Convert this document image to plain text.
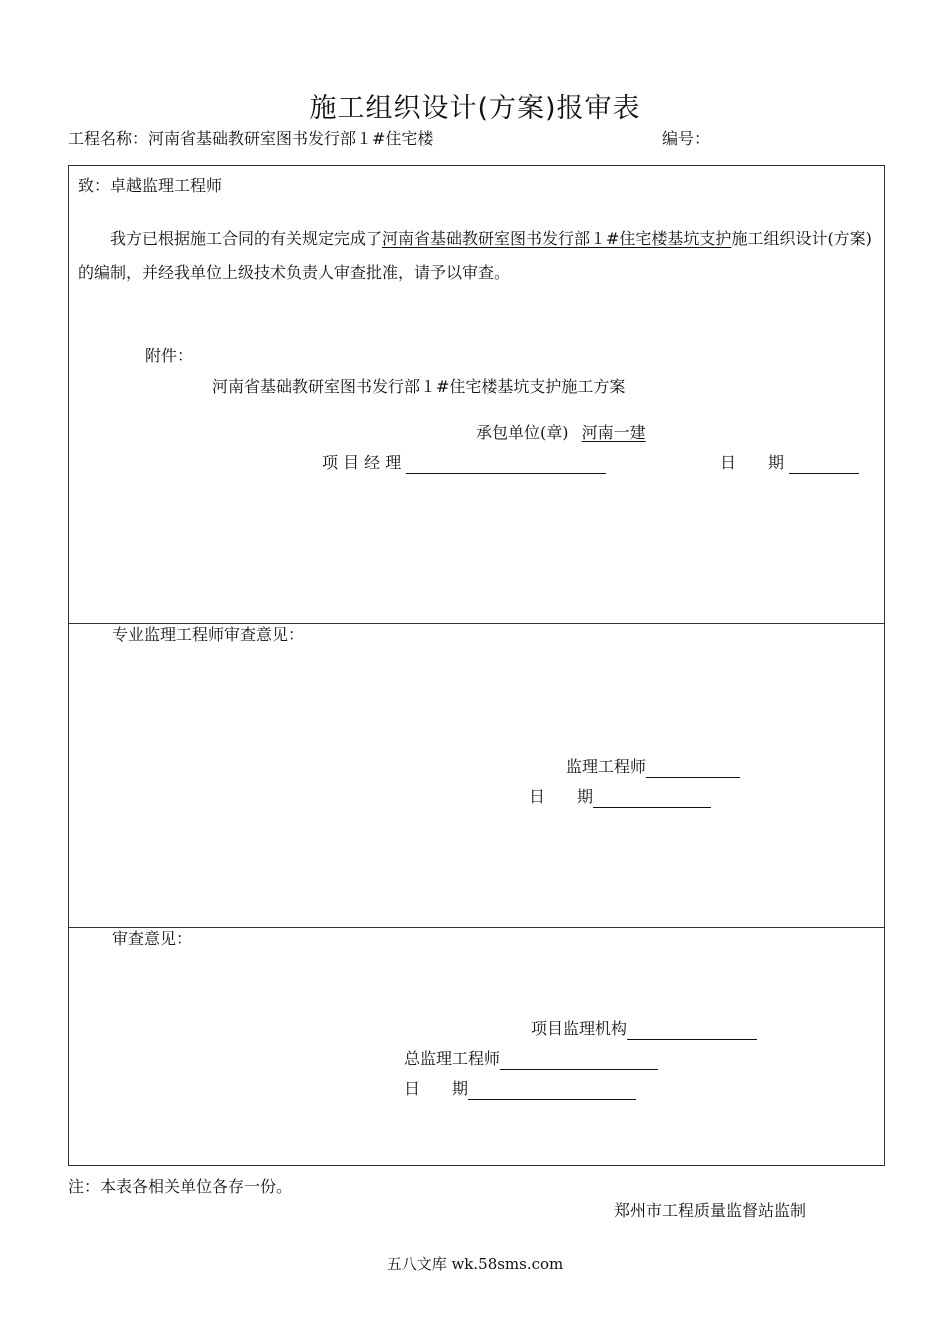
施工组织设计(方案)报审表
工程名称：河南省基础教研室图书发行部１#住宅楼	编号：
致：卓越监理工程师
我方已根据施工合同的有关规定完成了河南省基础教研室图书发行部１#住宅楼基坑支护施工组织设计(方案)的编制，并经我单位上级技术负责人审查批准，请予以审查。
附件：
河南省基础教研室图书发行部１#住宅楼基坑支护施工方案
承包单位(章) 河南一建
项 目 经 理	日　　期
专业监理工程师审查意见：
监理工程师
日　　期
审查意见：
项目监理机构
总监理工程师
日　　期
注：本表各相关单位各存一份。
郑州市工程质量监督站监制
五八文库 wk.58sms.com
